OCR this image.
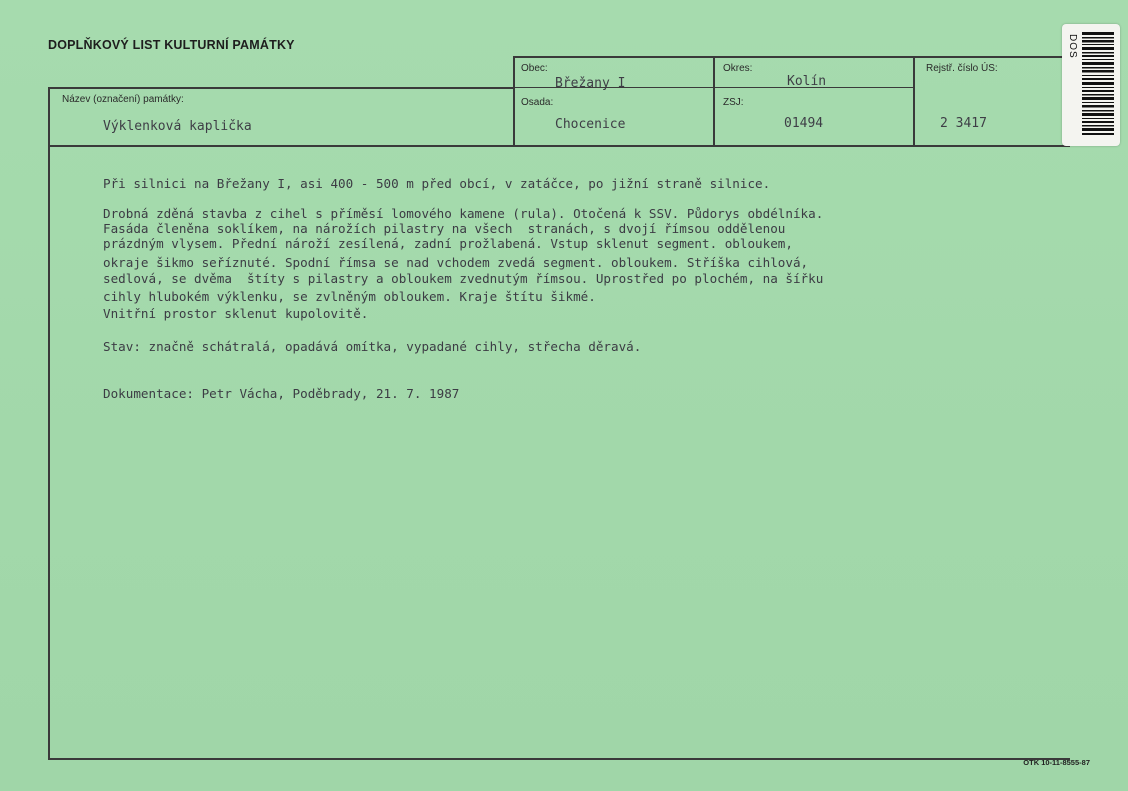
DOPLŇKOVÝ LIST KULTURNÍ PAMÁTKY
Název (označení) památky:
Obec:
Osada:
Okres:
ZSJ:
Rejstř. číslo ÚS:
Výklenková kaplička
Břežany I
Chocenice
Kolín
01494	2 3417
Při silnici na Břežany I, asi 400 - 500 m před obcí, v zatáčce, po jižní straně silnice.
Drobná zděná stavba z cihel s příměsí lomového kamene (rula). Otočená k SSV. Půdorys obdélníka.
Fasáda členěna soklíkem, na nárožích pilastry na všech  stranách, s dvojí římsou oddělenou
prázdným vlysem. Přední nároží zesílená, zadní prožlabená. Vstup sklenut segment. obloukem,
okraje šikmo seříznuté. Spodní římsa se nad vchodem zvedá segment. obloukem. Stříška cihlová,
sedlová, se dvěma  štíty s pilastry a obloukem zvednutým římsou. Uprostřed po plochém, na šířku
cihly hlubokém výklenku, se zvlněným obloukem. Kraje štítu šikmé.
Vnitřní prostor sklenut kupolovitě.
Stav: značně schátralá, opadává omítka, vypadané cihly, střecha děravá.
Dokumentace: Petr Vácha, Poděbrady, 21. 7. 1987
DOS
OTK 10-11-8555-87
